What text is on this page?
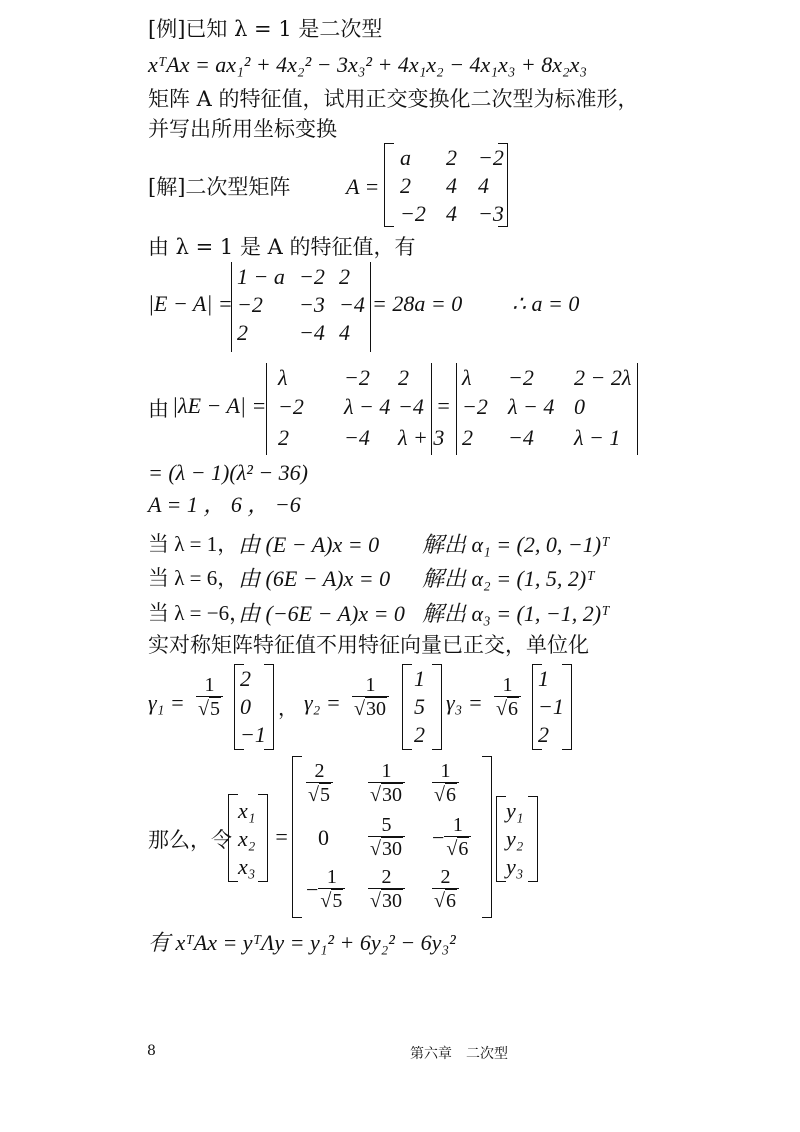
[例]已知 λ = 1 是二次型
xᵀAx = ax₁² + 4x₂² − 3x₃² + 4x₁x₂ − 4x₁x₃ + 8x₂x₃
矩阵 A 的特征值，试用正交变换化二次型为标准形，
并写出所用坐标变换
[解]二次型矩阵	A =
a 2 −2
2 4 4
−2 4 −3
由 λ = 1 是 A 的特征值，有
|E − A| =
1 − a −2 2
−2 −3 −4
2 −4 4
= 28a = 0 ∴ a = 0
由 |λE − A| =
λ	−2 2
−2 λ − 4 −4
2	−4 λ + 3
=
λ −2 2 − 2λ
−2 λ − 4 0
2 −4 λ − 1
= (λ − 1)(λ² − 36)
A = 1 ， 6 ， −6
当 λ = 1， 由 (E − A)x = 0 解出 α₁ = (2, 0, −1)ᵀ
当 λ = 6， 由 (6E − A)x = 0 解出 α₂ = (1, 5, 2)ᵀ
当 λ = −6，
由 (−6E − A)x = 0 解出 α₃ = (1, −1, 2)ᵀ
实对称矩阵特征值不用特征向量已正交，单位化
$\gamma_1 = \frac{1}{√5} 2$
0
−1
， $\gamma_2 = \frac{1}{√30} 1$
5
2
$\gamma_3 = \frac{1}{√6} 1$
−1
2
那么，令
x₁
x₂
x₃
=
$\frac{2}{√5} \frac{1}{√30} \frac{1}{√6}$
$0 \frac{5}{√30} - \frac{1}{√6}$
− $\frac{1}{√5} \frac{2}{√30} \frac{2}{√6}$
y₁
y₂
y₃
有 xᵀAx = yᵀΛy = y₁² + 6y₂² − 6y₃²
8	第六章　二次型
